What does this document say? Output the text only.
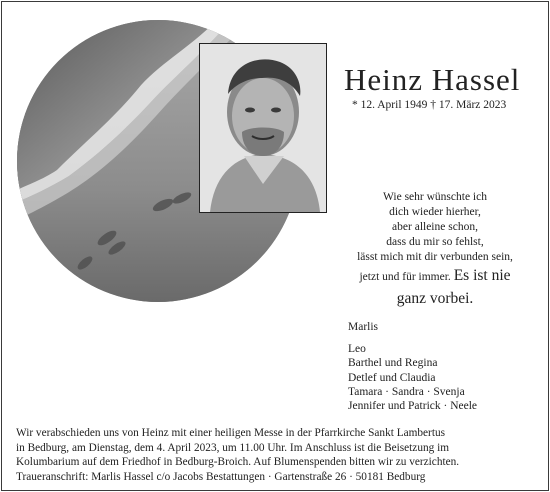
Heinz Hassel
* 12. April 1949 † 17. März 2023
Wie sehr wünschte ich
dich wieder hierher,
aber alleine schon,
dass du mir so fehlst,
lässt mich mit dir verbunden sein,
jetzt und für immer. Es ist nie
ganz vorbei.
Marlis
Leo
Barthel und Regina
Detlef und Claudia
Tamara · Sandra · Svenja
Jennifer und Patrick · Neele
Wir verabschieden uns von Heinz mit einer heiligen Messe in der Pfarrkirche Sankt Lambertus
in Bedburg, am Dienstag, dem 4. April 2023, um 11.00 Uhr. Im Anschluss ist die Beisetzung im
Kolumbarium auf dem Friedhof in Bedburg-Broich. Auf Blumenspenden bitten wir zu verzichten.
Traueranschrift: Marlis Hassel c/o Jacobs Bestattungen · Gartenstraße 26 · 50181 Bedburg
